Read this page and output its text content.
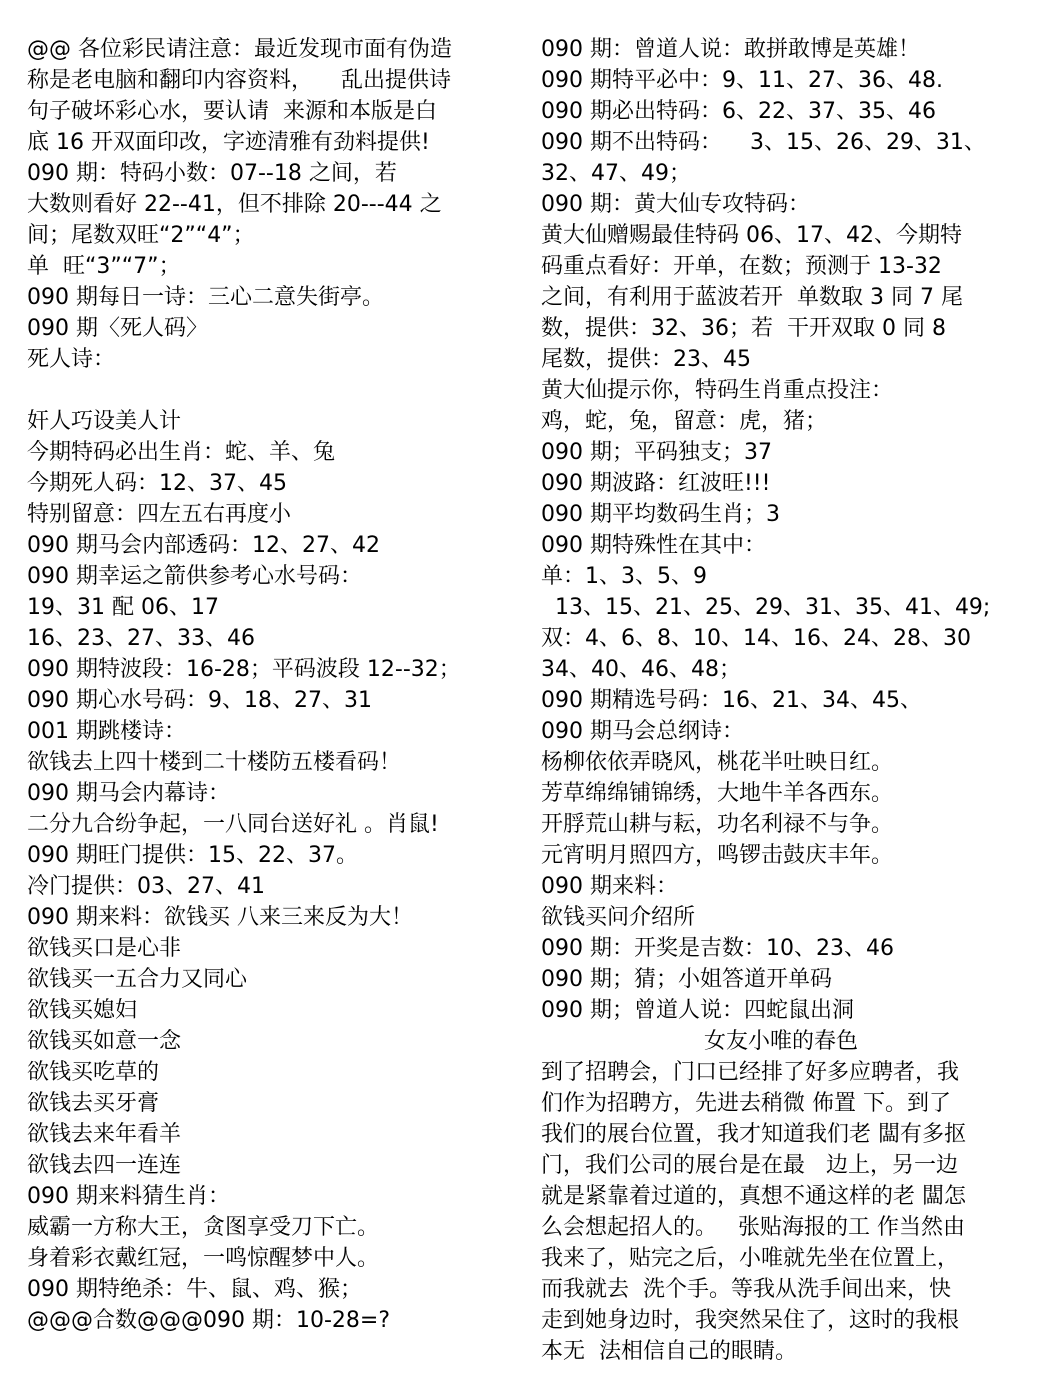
@@ 各位彩民请注意：最近发现市面有伪造
称是老电脑和翻印内容资料，    乱出提供诗
句子破坏彩心水，要认请  来源和本版是白
底 16 开双面印改，字迹清雅有劲料提供!
090 期：特码小数：07--18 之间，若
大数则看好 22--41，但不排除 20---44 之
间；尾数双旺“2”“4”；
单  旺“3”“7”；
090 期每日一诗：三心二意失街亭。
090 期〈死人码〉
死人诗：
奸人巧设美人计
今期特码必出生肖：蛇、羊、兔
今期死人码：12、37、45
特别留意：四左五右再度小
090 期马会内部透码：12、27、42
090 期幸运之箭供参考心水号码：
19、31 配 06、17
16、23、27、33、46
090 期特波段：16-28；平码波段 12--32；
090 期心水号码：9、18、27、31
001 期跳楼诗：
欲钱去上四十楼到二十楼防五楼看码！
090 期马会内幕诗：
二分九合纷争起，一八同台送好礼 。肖鼠!
090 期旺门提供：15、22、37。
冷门提供：03、27、41
090 期来料：欲钱买 八来三来反为大！
欲钱买口是心非
欲钱买一五合力又同心
欲钱买媳妇
欲钱买如意一念
欲钱买吃草的
欲钱去买牙膏
欲钱去来年看羊
欲钱去四一连连
090 期来料猜生肖：
威霸一方称大王，贪图享受刀下亡。
身着彩衣戴红冠，一鸣惊醒梦中人。
090 期特绝杀：牛、鼠、鸡、猴；
@@@合数@@@090 期：10-28=?
090 期：曾道人说：敢拼敢博是英雄！
090 期特平必中：9、11、27、36、48.
090 期必出特码：6、22、37、35、46
090 期不出特码：    3、15、26、29、31、
32、47、49；
090 期：黄大仙专攻特码：
黄大仙赠赐最佳特码 06、17、42、今期特
码重点看好：开单，在数；预测于 13-32
之间，有利用于蓝波若开  单数取 3 同 7 尾
数，提供：32、36；若  干开双取 0 同 8
尾数，提供：23、45
黄大仙提示你，特码生肖重点投注：
鸡，蛇，兔，留意：虎，猪；
090 期；平码独支；37
090 期波路：红波旺!!!
090 期平均数码生肖；3
090 期特殊性在其中：
单：1、3、5、9
13、15、21、25、29、31、35、41、49;
双：4、6、8、10、14、16、24、28、30
34、40、46、48；
090 期精选号码：16、21、34、45、
090 期马会总纲诗：
杨柳依依弄晓风，桃花半吐映日红。
芳草绵绵铺锦绣，大地牛羊各西东。
开脬荒山耕与耘，功名利禄不与争。
元宵明月照四方，鸣锣击鼓庆丰年。
090 期来料：
欲钱买问介绍所
090 期：开奖是吉数：10、23、46
090 期；猜；小姐答道开单码
090 期；曾道人说：四蛇鼠出洞
女友小唯的春色
到了招聘会，门口已经排了好多应聘者，我
们作为招聘方，先进去稍微 佈置 下。到了
我们的展台位置，我才知道我们老 闆有多抠
门，我们公司的展台是在最   边上，另一边
就是紧靠着过道的，真想不通这样的老 闆怎
么会想起招人的。   张贴海报的工 作当然由
我来了，贴完之后，小唯就先坐在位置上，
而我就去  洗个手。等我从洗手间出来，快
走到她身边时，我突然呆住了，这时的我根
本无  法相信自己的眼睛。
